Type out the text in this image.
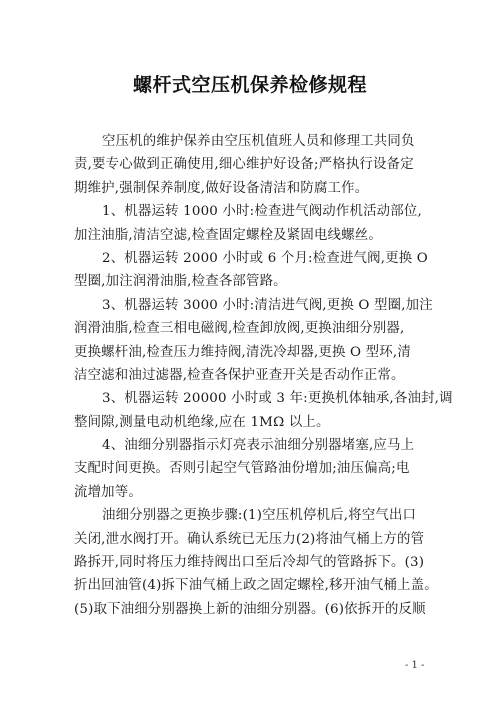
螺杆式空压机保养检修规程
空压机的维护保养由空压机值班人员和修理工共同负
责,要专心做到正确使用,细心维护好设备;严格执行设备定
期维护,强制保养制度,做好设备清洁和防腐工作。
1、机器运转 1000 小时:检查进气阀动作机活动部位,
加注油脂,清洁空滤,检查固定螺栓及紧固电线螺丝。
2、机器运转 2000 小时或 6 个月:检查进气阀,更换 O
型圈,加注润滑油脂,检查各部管路。
3、机器运转 3000 小时:清洁进气阀,更换 O 型圈,加注
润滑油脂,检查三相电磁阀,检查卸放阀,更换油细分别器,
更换螺杆油,检查压力维持阀,清洗冷却器,更换 O 型环,清
洁空滤和油过滤器,检查各保护亚查开关是否动作正常。
3、机器运转 20000 小时或 3 年:更换机体轴承,各油封,调
整间隙,测量电动机绝缘,应在 1MΩ 以上。
4、油细分别器指示灯亮表示油细分别器堵塞,应马上
支配时间更换。否则引起空气管路油份增加;油压偏高;电
流增加等。
油细分别器之更换步骤:(1)空压机停机后,将空气出口
关闭,泄水阀打开。确认系统已无压力(2)将油气桶上方的管
路拆开,同时将压力维持阀出口至后冷却气的管路拆下。(3)
折出回油管(4)拆下油气桶上政之固定螺栓,移开油气桶上盖。
(5)取下油细分别器换上新的油细分别器。(6)依拆开的反顺
- 1 -
